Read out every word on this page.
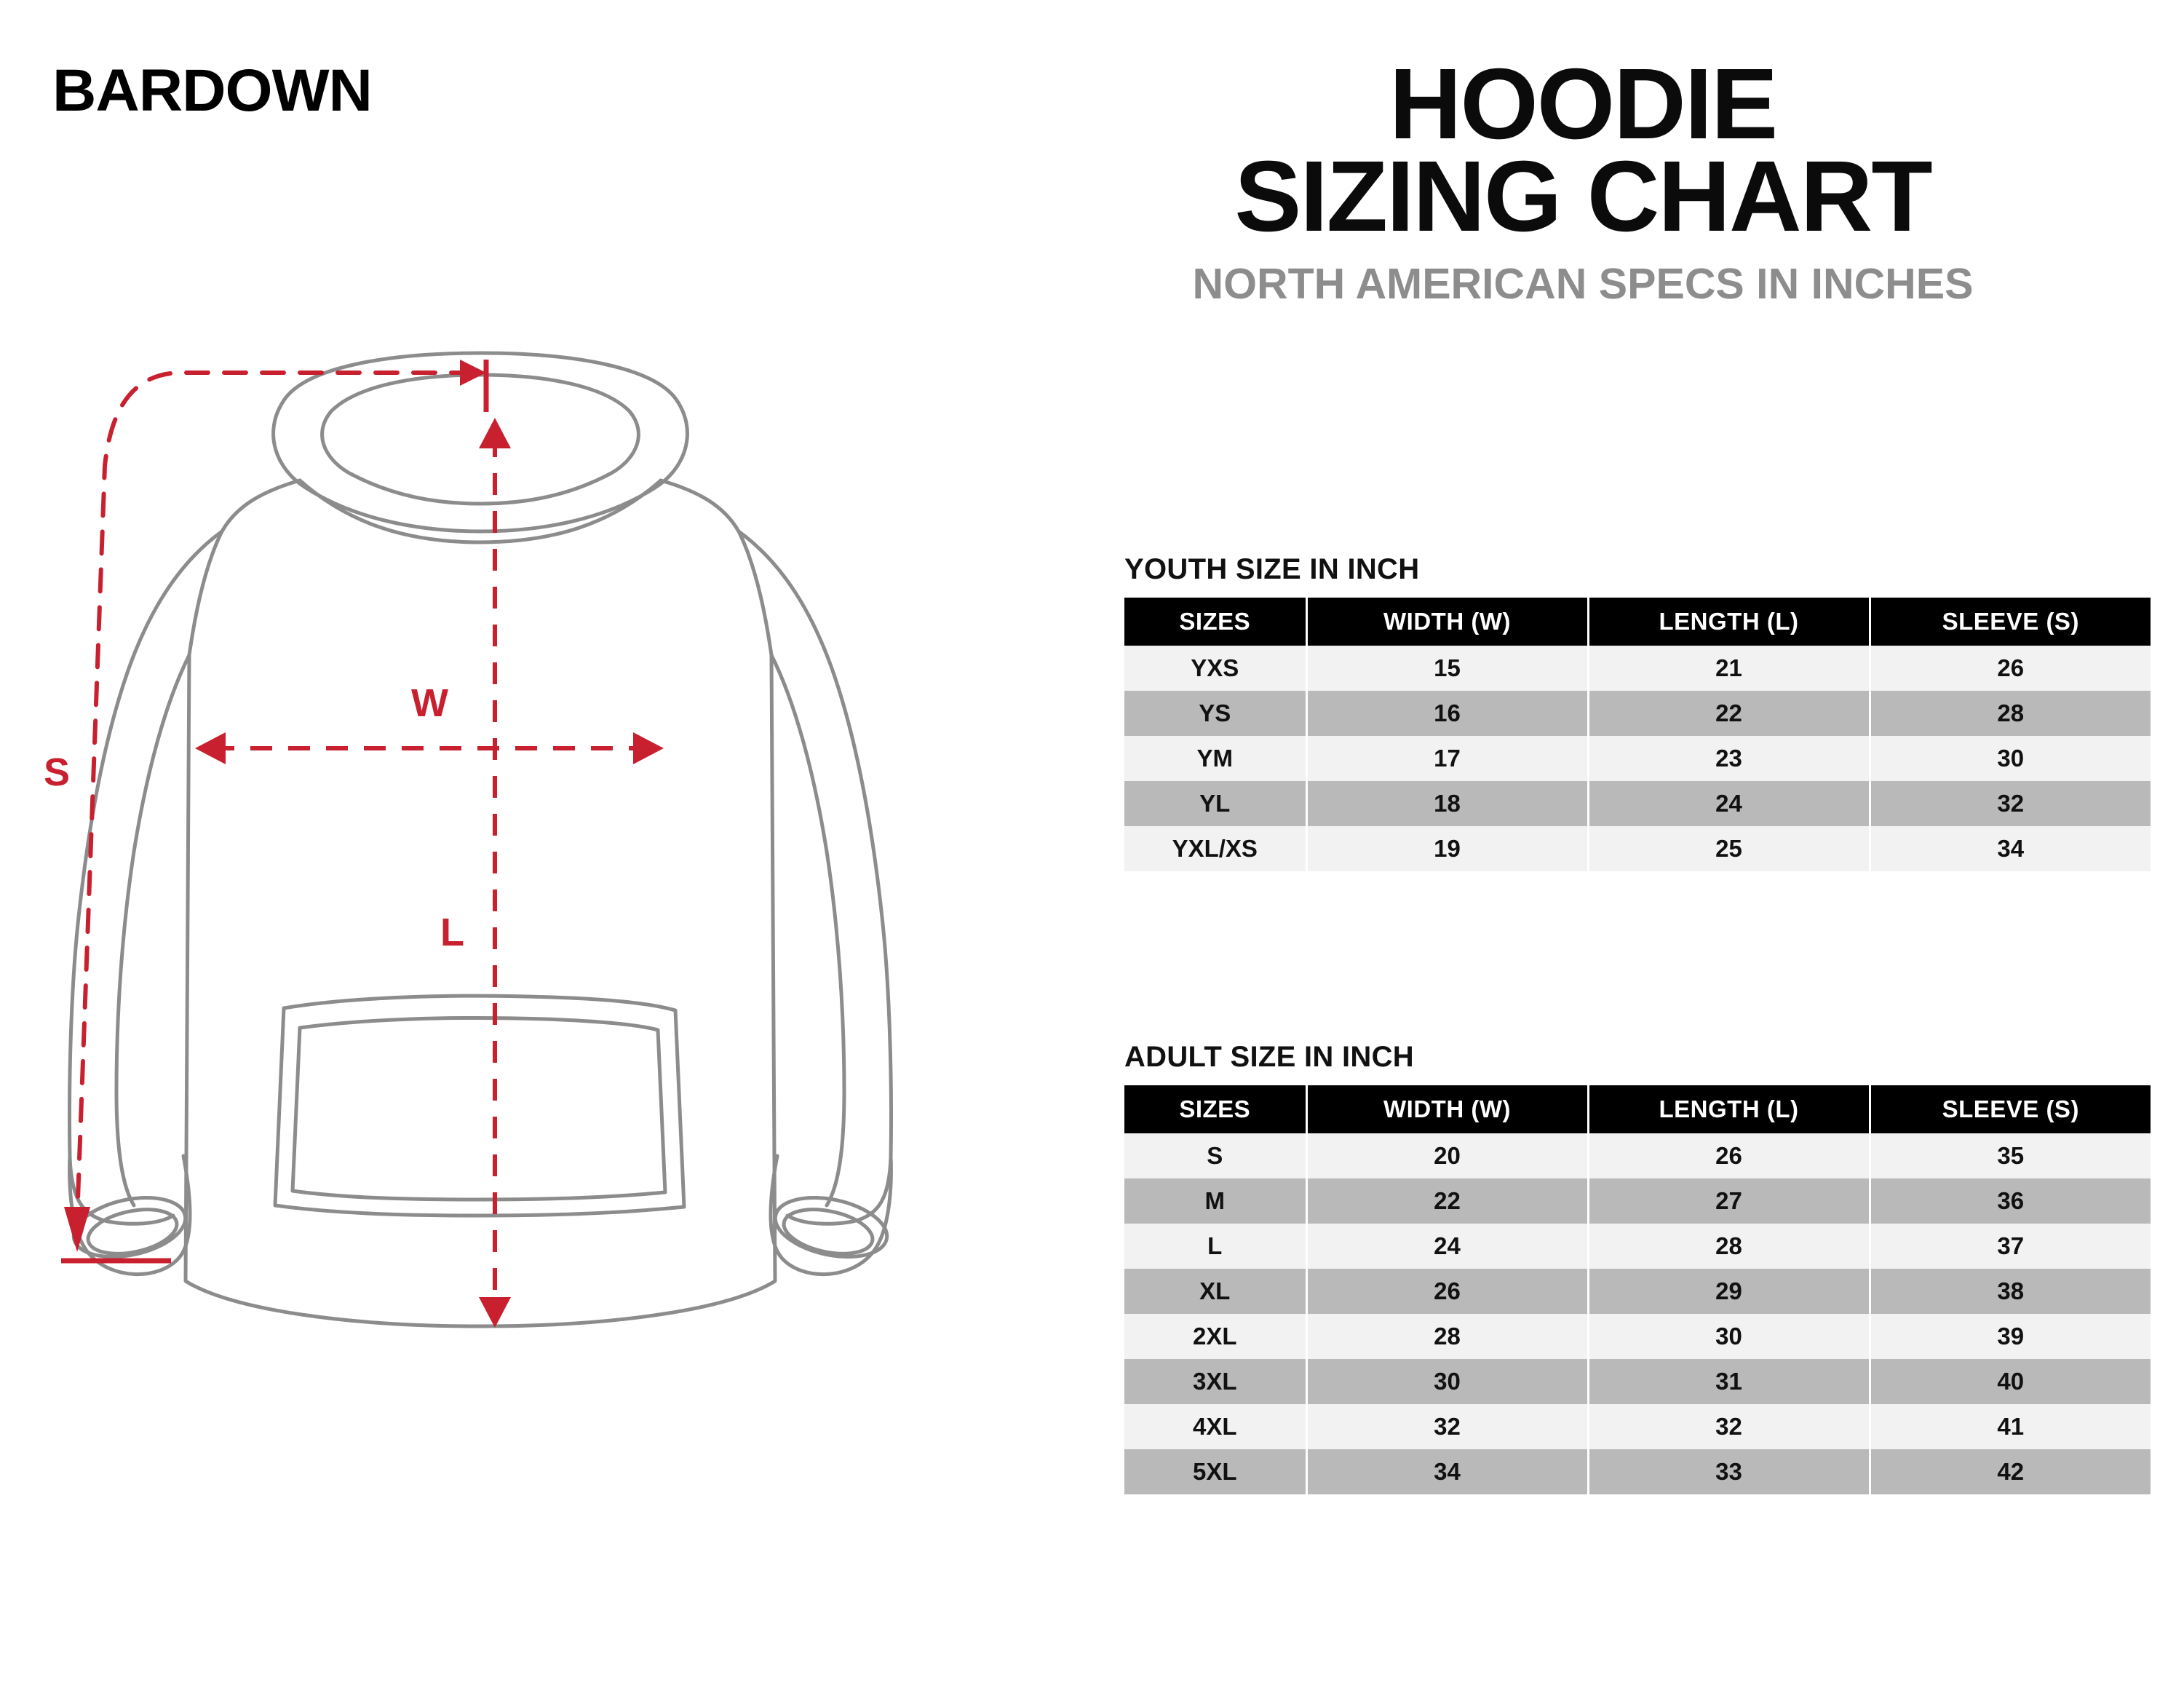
BARDOWN	HOODIE
SIZING CHART
NORTH AMERICAN SPECS IN INCHES
S
W
L
YOUTH SIZE IN INCH
SIZES	WIDTH (W)	LENGTH (L)	SLEEVE (S)
YXS	15	21	26
YS	16	22	28
YM	17	23	30
YL	18	24	32
YXL/XS	19	25	34
ADULT SIZE IN INCH
SIZES	WIDTH (W)	LENGTH (L)	SLEEVE (S)
S	20	26	35
M	22	27	36
L	24	28	37
XL	26	29	38
2XL	28	30	39
3XL	30	31	40
4XL	32	32	41
5XL	34	33	42
